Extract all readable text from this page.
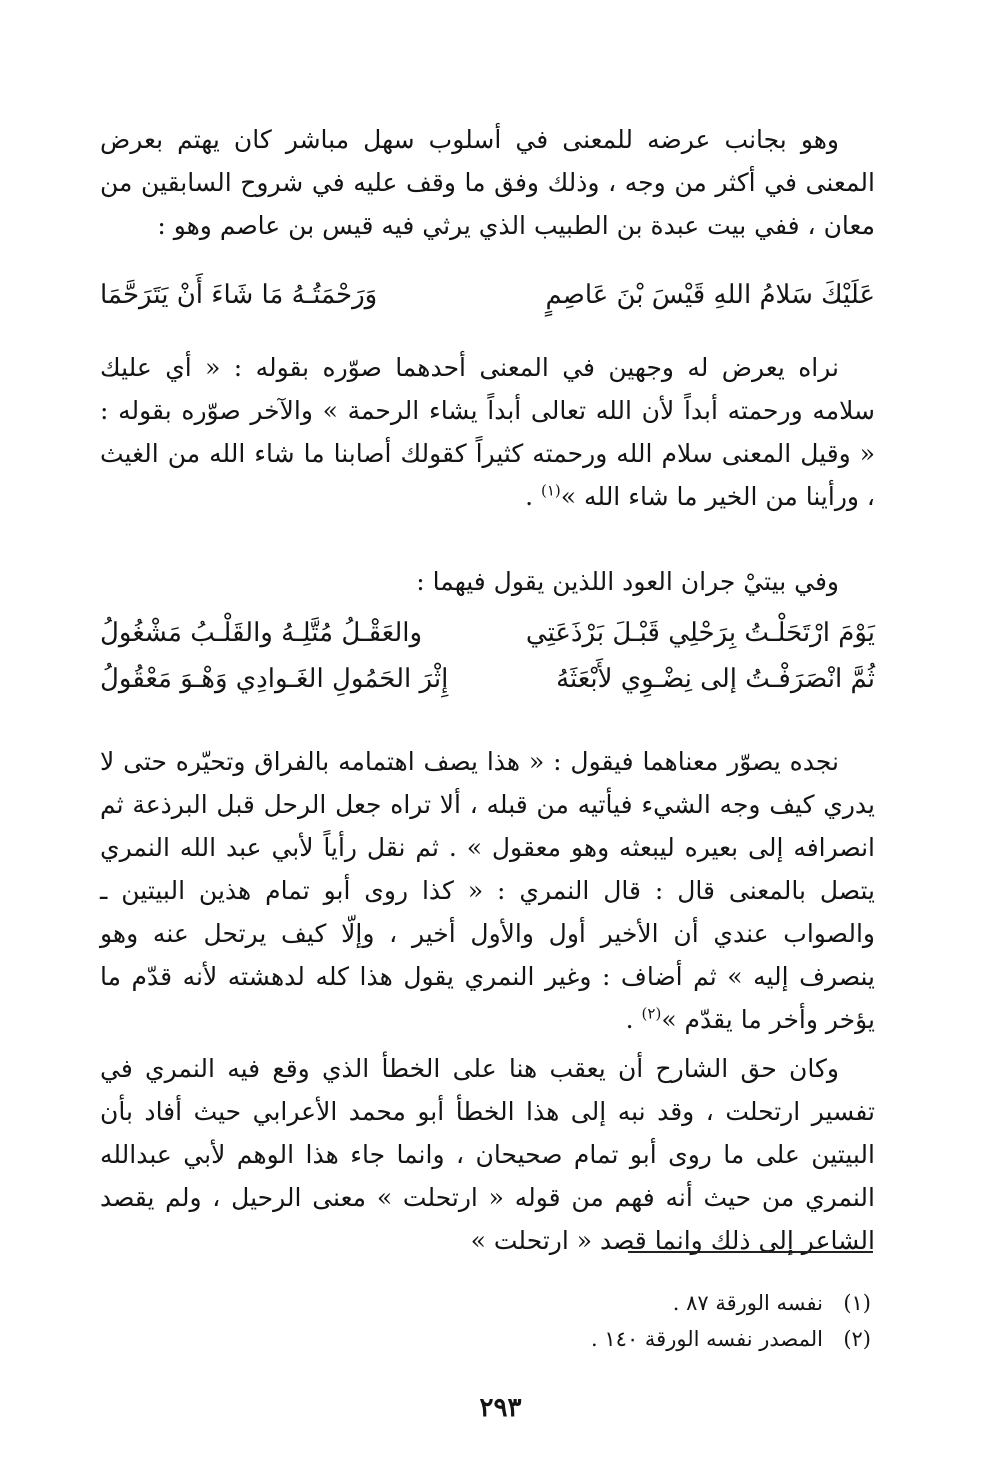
وهو بجانب عرضه للمعنى في أسلوب سهل مباشر كان يهتم بعرض المعنى في أكثر من وجه ، وذلك وفق ما وقف عليه في شروح السابقين من معان ، ففي بيت عبدة بن الطبيب الذي يرثي فيه قيس بن عاصم وهو :

عَلَيْكَ سَلامُ اللهِ قَيْسَ بْنَ عَاصِمٍ
وَرَحْمَتُـهُ مَا شَاءَ أَنْ يَتَرَحَّمَا

نراه يعرض له وجهين في المعنى أحدهما صوّره بقوله : « أي عليك سلامه ورحمته أبداً لأن الله تعالى أبداً يشاء الرحمة » والآخر صوّره بقوله : « وقيل المعنى سلام الله ورحمته كثيراً كقولك أصابنا ما شاء الله من الغيث ، ورأينا من الخير ما شاء الله »$^{(١)}$ .

وفي بيتيْ جران العود اللذين يقول فيهما :

يَوْمَ ارْتَحَلْـتُ بِرَحْلِي قَبْـلَ بَرْذَعَتِي
والعَقْـلُ مُتَّلِـهُ والقَلْـبُ مَشْغُولُ
ثُمَّ انْصَرَفْـتُ إلى نِضْـوِي لأَبْعَثَهُ
إِثْرَ الحَمُولِ الغَـوادِي وَهْـوَ مَعْقُولُ

نجده يصوّر معناهما فيقول : « هذا يصف اهتمامه بالفراق وتحيّره حتى لا يدري كيف وجه الشيء فيأتيه من قبله ، ألا تراه جعل الرحل قبل البرذعة ثم انصرافه إلى بعيره ليبعثه وهو معقول » . ثم نقل رأياً لأبي عبد الله النمري يتصل بالمعنى قال : قال النمري : « كذا روى أبو تمام هذين البيتين ـ والصواب عندي أن الأخير أول والأول أخير ، وإلّا كيف يرتحل عنه وهو ينصرف إليه » ثم أضاف : وغير النمري يقول هذا كله لدهشته لأنه قدّم ما يؤخر وأخر ما يقدّم »$^{(٢)}$ .

وكان حق الشارح أن يعقب هنا على الخطأ الذي وقع فيه النمري في تفسير ارتحلت ، وقد نبه إلى هذا الخطأ أبو محمد الأعرابي حيث أفاد بأن البيتين على ما روى أبو تمام صحيحان ، وانما جاء هذا الوهم لأبي عبدالله النمري من حيث أنه فهم من قوله « ارتحلت » معنى الرحيل ، ولم يقصد الشاعر إلى ذلك وانما قصد « ارتحلت »

(١)نفسه الورقة ٨٧ .
(٢)المصدر نفسه الورقة ١٤٠ .
٢٩٣
